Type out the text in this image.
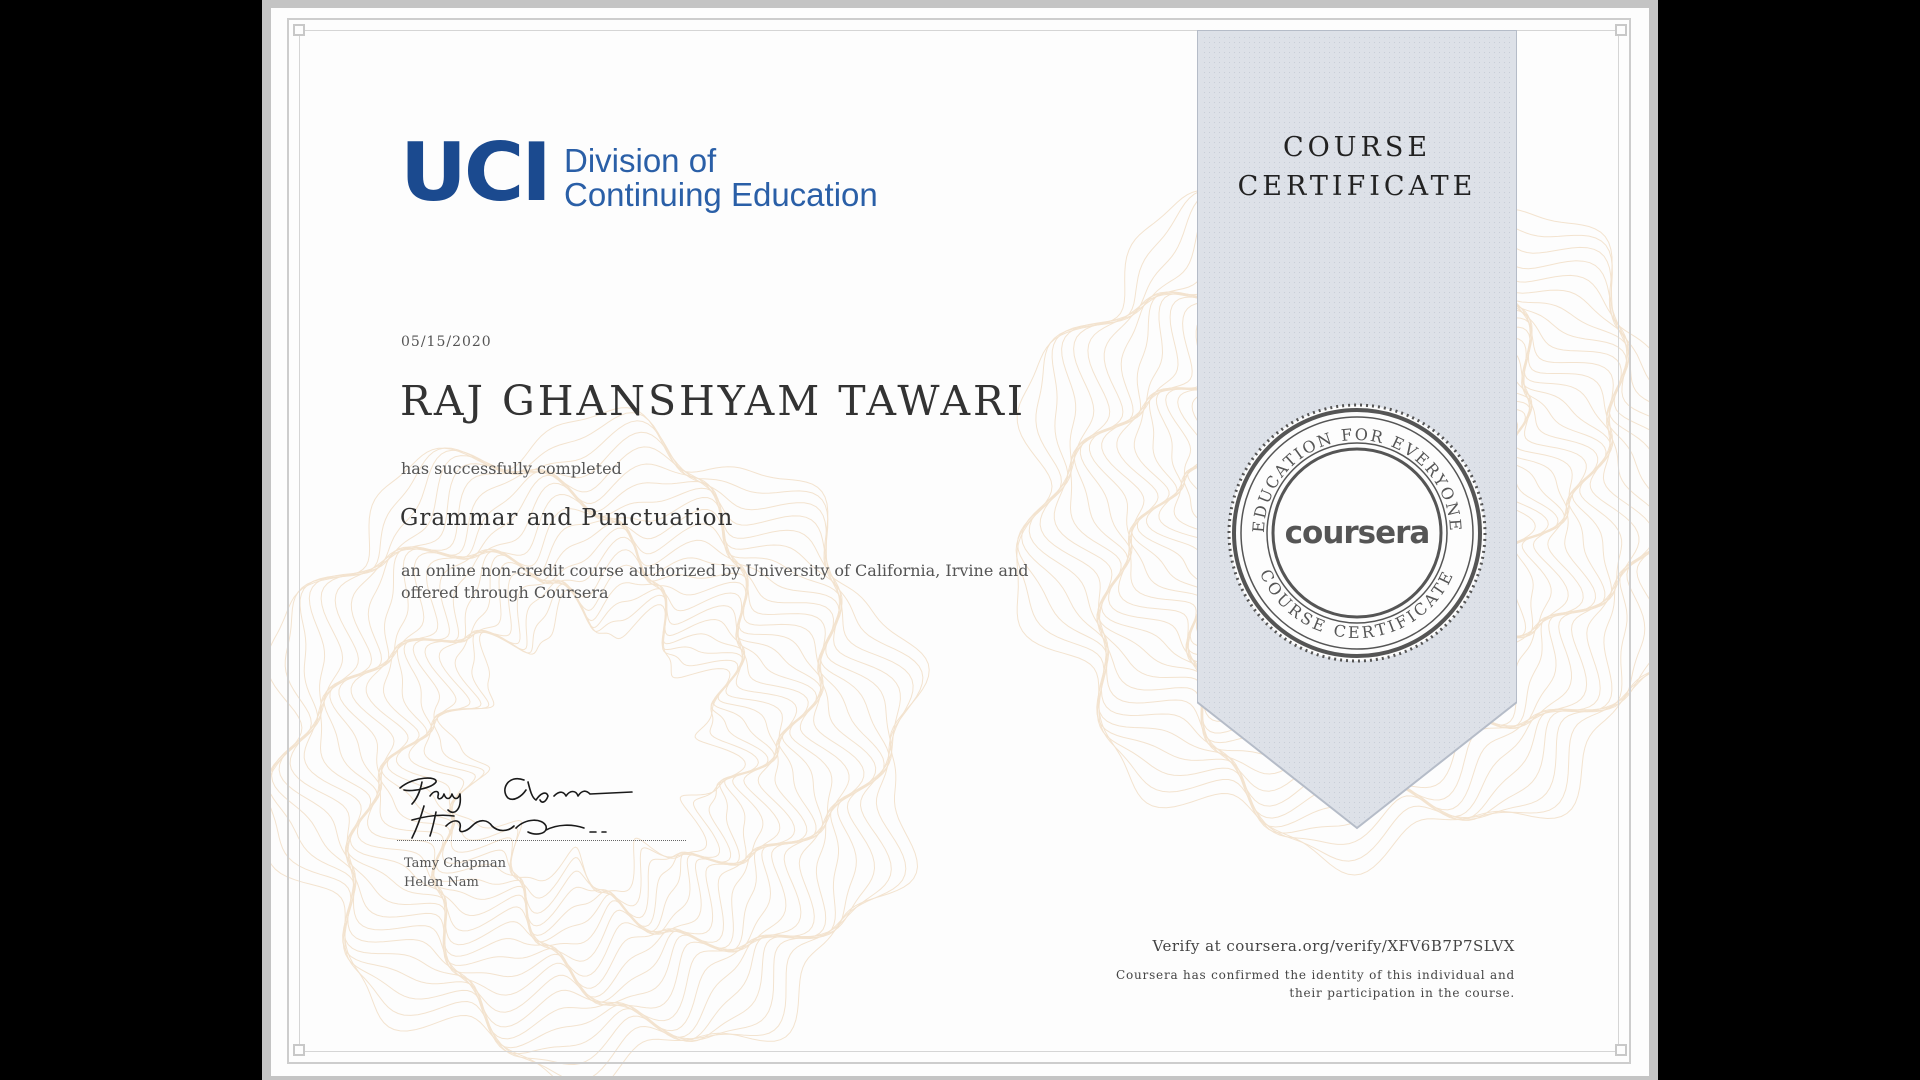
UCI Division of
Continuing Education
05/15/2020
RAJ GHANSHYAM TAWARI
has successfully completed
Grammar and Punctuation
an online non-credit course authorized by University of California, Irvine and offered through Coursera
Tamy Chapman
Helen Nam
COURSE
CERTIFICATE
EDUCATION FOR EVERYONE
COURSE CERTIFICATE
coursera
Verify at coursera.org/verify/XFV6B7P7SLVX
Coursera has confirmed the identity of this individual and
their participation in the course.
